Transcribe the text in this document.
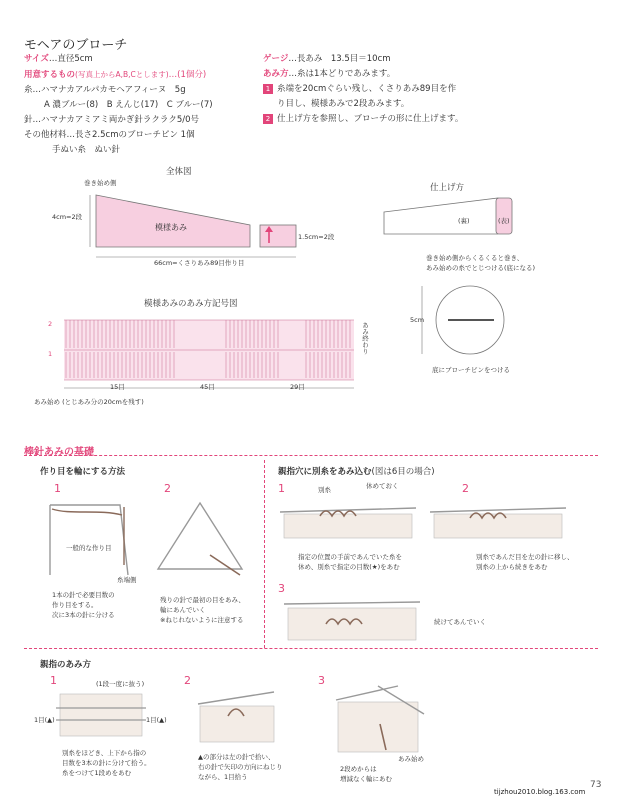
モヘアのブローチ
サイズ…直径5cm
用意するもの(写真上からA,B,Cとします)…(1個分)
糸…ハマナカアルパカモヘアフィーヌ　5g
A 濃ブルー(8)　B えんじ(17)　C ブルー(7)
針…ハマナカアミアミ両かぎ針ラクラク5/0号
その他材料…長さ2.5cmのブローチピン 1個
手ぬい糸　ぬい針
ゲージ…長あみ　13.5目＝10cm
あみ方…糸は1本どりであみます。
1 糸端を20cmぐらい残し、くさりあみ89目を作
り目し、模様あみで2段あみます。
2 仕上げ方を参照し、ブローチの形に仕上げます。
全体図
巻き始め側
4cm=2段
模様あみ
1.5cm=2段
66cm=くさりあみ89目作り目
仕上げ方
(裏)	(表)
巻き始め側からくるくると巻き、
あみ始めの糸でとじつける(底になる)
5cm
底にブローチピンをつける
模様あみのあみ方記号図
2
1	あみ終わり
15目	45目	29目
あみ始め (とじあみ分の20cmを残す)
棒針あみの基礎
作り目を輪にする方法
1
一般的な作り目
糸端側
1本の針で必要目数の
作り目をする。
次に3本の針に分ける
2
残りの針で最初の目をあみ、
輪にあんでいく
※ねじれないように注意する
親指穴に別糸をあみ込む(図は6目の場合)
1	別糸	休めておく
指定の位置の手前であんでいた糸を
休め、別糸で指定の目数(★)をあむ
2
別糸であんだ目を左の針に移し、
別糸の上から続きをあむ
3
続けてあんでいく
親指のあみ方
1	(1段一度に抜う)
1目(▲)	1目(▲)
別糸をほどき、上下から指の
目数を3本の針に分けて拾う。
糸をつけて1段めをあむ
2
▲の部分は左の針で拾い、
右の針で矢印の方向にねじり
ながら、1目拾う
3
あみ始め
2段めからは
増減なく輪にあむ
73
tijzhou2010.blog.163.com
